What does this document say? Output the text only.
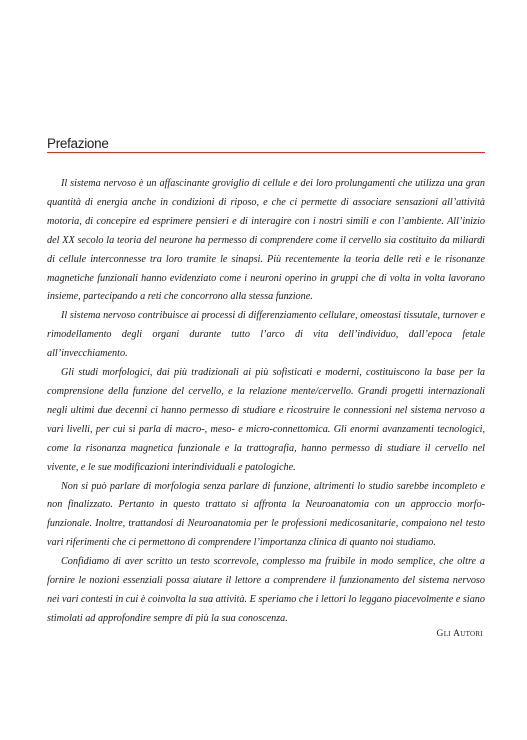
Prefazione

Il sistema nervoso è un affascinante groviglio di cellule e dei loro prolungamenti che utilizza una gran quantità di energia anche in condizioni di riposo, e che ci permette di associare sensazioni all’attività motoria, di concepire ed esprimere pensieri e di interagire con i nostri simili e con l’ambiente. All’inizio del XX secolo la teoria del neurone ha permesso di comprendere come il cervello sia costituito da miliardi di cellule interconnesse tra loro tramite le sinapsi. Più recentemente la teoria delle reti e le risonanze magnetiche funzionali hanno evidenziato come i neuroni operino in gruppi che di volta in volta lavorano insieme, partecipando a reti che concorrono alla stessa funzione.

Il sistema nervoso contribuisce ai processi di differenziamento cellulare, omeostasi tissutale, turnover e rimodellamento degli organi durante tutto l’arco di vita dell’individuo, dall’epoca fetale all’invecchiamento.

Gli studi morfologici, dai più tradizionali ai più sofisticati e moderni, costituiscono la base per la comprensione della funzione del cervello, e la relazione mente/cervello. Grandi progetti internazionali negli ultimi due decenni ci hanno permesso di studiare e ricostruire le connessioni nel sistema nervoso a vari livelli, per cui si parla di macro-, meso- e micro-connettomica. Gli enormi avanzamenti tecnologici, come la risonanza magnetica funzionale e la trattografia, hanno permesso di studiare il cervello nel vivente, e le sue modificazioni interindividuali e patologiche.

Non si può parlare di morfologia senza parlare di funzione, altrimenti lo studio sarebbe incompleto e non finalizzato. Pertanto in questo trattato si affronta la Neuroanatomia con un approccio morfo-funzionale. Inoltre, trattandosi di Neuroanatomia per le professioni medicosanitarie, compaiono nel testo vari riferimenti che ci permettono di comprendere l’importanza clinica di quanto noi studiamo.

Confidiamo di aver scritto un testo scorrevole, complesso ma fruibile in modo semplice, che oltre a fornire le nozioni essenziali possa aiutare il lettore a comprendere il funzionamento del sistema nervoso nei vari contesti in cui è coinvolta la sua attività. E speriamo che i lettori lo leggano piacevolmente e siano stimolati ad approfondire sempre di più la sua conoscenza.

Gli Autori
